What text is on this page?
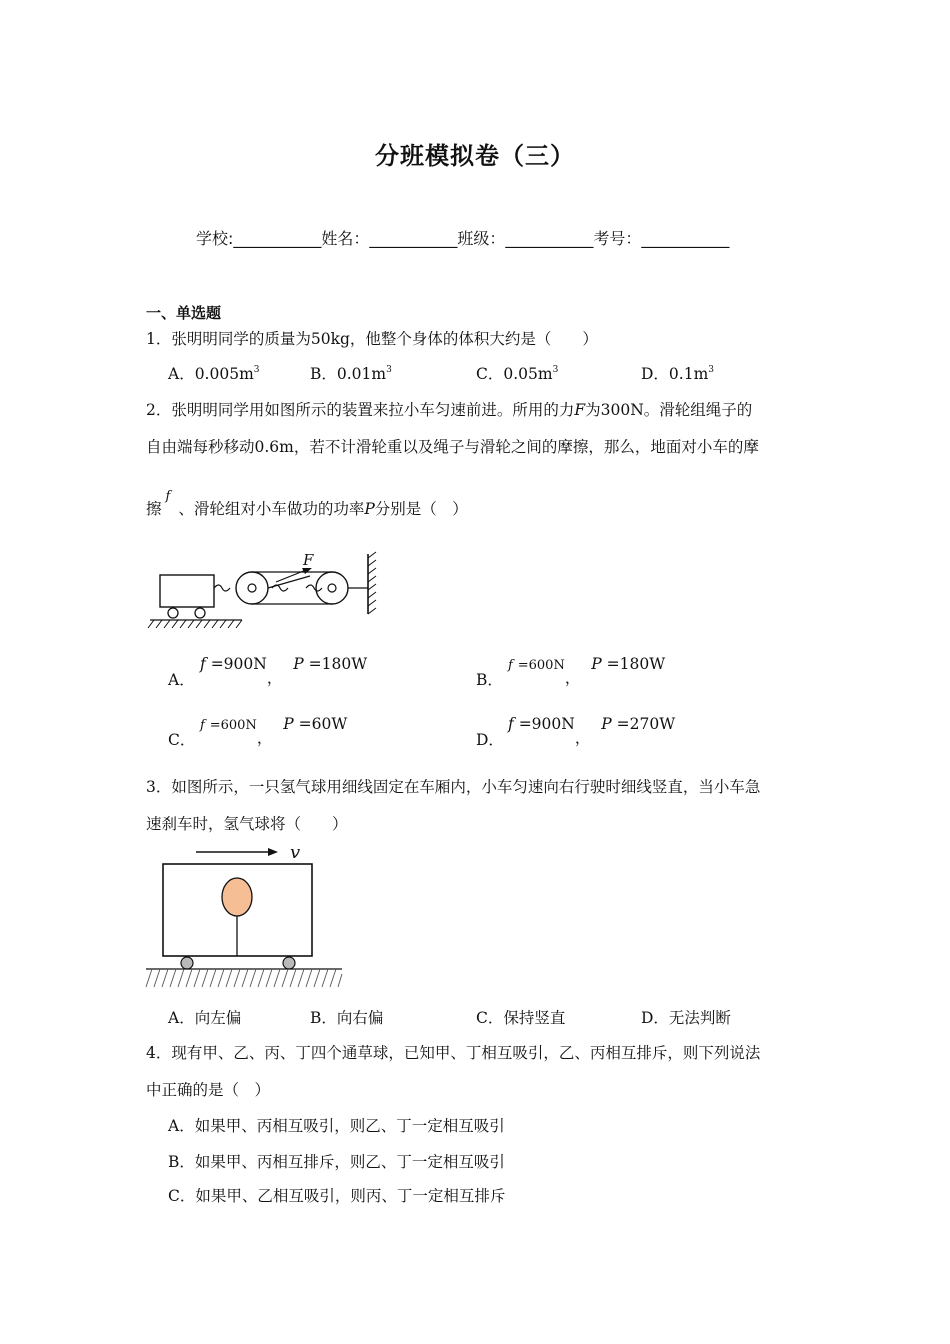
分班模拟卷（三）
学校:___________姓名：___________班级：___________考号：___________
一、单选题
1．张明明同学的质量为50kg，他整个身体的体积大约是（　　）
A．$0.005m^3$	B．$0.01m^3$	C．$0.05m^3$	D．$0.1m^3$
2．张明明同学用如图所示的装置来拉小车匀速前进。所用的力F为300N。滑轮组绳子的
自由端每秒移动0.6m，若不计滑轮重以及绳子与滑轮之间的摩擦，那么，地面对小车的摩
擦$^f$、滑轮组对小车做功的功率P分别是（　）
F
A．
f =900N， P =180W
B．
f =600N， P =180W
C．
f =600N， P =60W
D．
f =900N， P =270W
3．如图所示，一只氢气球用细线固定在车厢内，小车匀速向右行驶时细线竖直，当小车急
速刹车时，氢气球将（　　）
v
A．向左偏	B．向右偏	C．保持竖直	D．无法判断
4．现有甲、乙、丙、丁四个通草球，已知甲、丁相互吸引，乙、丙相互排斥，则下列说法
中正确的是（　）
A．如果甲、丙相互吸引，则乙、丁一定相互吸引
B．如果甲、丙相互排斥，则乙、丁一定相互吸引
C．如果甲、乙相互吸引，则丙、丁一定相互排斥
